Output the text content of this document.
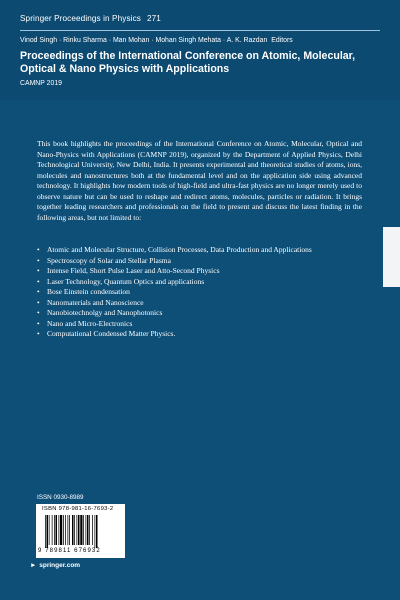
Springer Proceedings in Physics 271
Vinod Singh · Rinku Sharma · Man Mohan · Mohan Singh Mehata · A. K. Razdan Editors
Proceedings of the International Conference on Atomic, Molecular,
Optical & Nano Physics with Applications
CAMNP 2019
This book highlights the proceedings of the International Conference on Atomic, Molecular, Optical and Nano-Physics with Applications (CAMNP 2019), organized by the Department of Applied Physics, Delhi Technological University, New Delhi, India. It presents experimental and theoretical studies of atoms, ions, molecules and nanostructures both at the fundamental level and on the application side using advanced technology. It highlights how modern tools of high-field and ultra-fast physics are no longer merely used to observe nature but can be used to reshape and redirect atoms, molecules, particles or radiation. It brings together leading researchers and professionals on the field to present and discuss the latest finding in the following areas, but not limited to:
• Atomic and Molecular Structure, Collision Processes, Data Production and Applications
• Spectroscopy of Solar and Stellar Plasma
• Intense Field, Short Pulse Laser and Atto-Second Physics
• Laser Technology, Quantum Optics and applications
• Bose Einstein condensation
• Nanomaterials and Nanoscience
• Nanobiotechnolgy and Nanophotonics
• Nano and Micro-Electronics
• Computational Condensed Matter Physics.
ISSN 0930-8989
ISBN 978-981-16-7693-2
9 789811 676932
► springer.com
